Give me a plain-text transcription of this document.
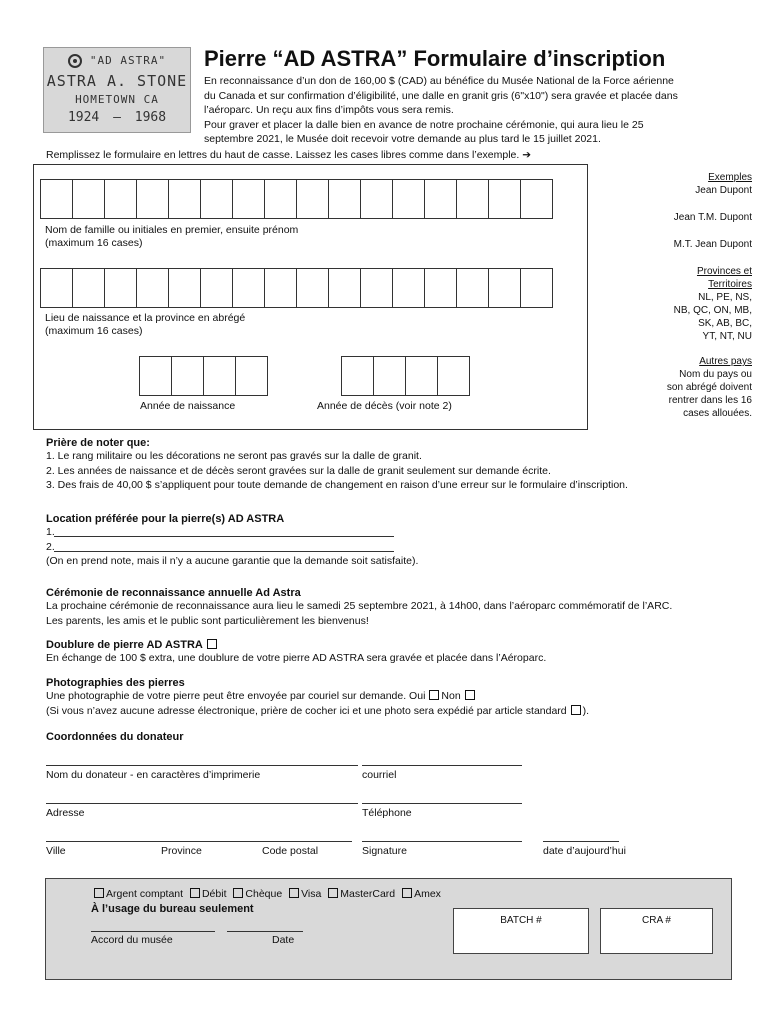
"AD ASTRA"
ASTRA A. STONE
HOMETOWN CA
1924 — 1968
Pierre “AD ASTRA” Formulaire d’inscription
En reconnaissance d’un don de 160,00 $ (CAD) au bénéfice du Musée National de la Force aérienne
du Canada et sur confirmation d’éligibilité, une dalle en granit gris (6"x10") sera gravée et placée dans
l’aéroparc. Un reçu aux fins d’impôts vous sera remis.
Pour graver et placer la dalle bien en avance de notre prochaine cérémonie, qui aura lieu le 25
septembre 2021, le Musée doit recevoir votre demande au plus tard le 15 juillet 2021.
Remplissez le formulaire en lettres du haut de casse. Laissez les cases libres comme dans l’exemple. ➔
Nom de famille ou initiales en premier, ensuite prénom
(maximum 16 cases)
Lieu de naissance et la province en abrégé
(maximum 16 cases)
Année de naissance	Année de décès (voir note 2)
Exemples
Jean Dupont
Jean T.M. Dupont
M.T. Jean Dupont
Provinces et
Territoires
NL, PE, NS,
NB, QC, ON, MB,
SK, AB, BC,
YT, NT, NU
Autres pays
Nom du pays ou
son abrégé doivent
rentrer dans les 16
cases allouées.
Prière de noter que:
1. Le rang militaire ou les décorations ne seront pas gravés sur la dalle de granit.
2. Les années de naissance et de décès seront gravées sur la dalle de granit seulement sur demande écrite.
3. Des frais de 40,00 $ s’appliquent pour toute demande de changement en raison d’une erreur sur le formulaire d’inscription.
Location préférée pour la pierre(s) AD ASTRA
1.
2.
(On en prend note, mais il n’y a aucune garantie que la demande soit satisfaite).
Cérémonie de reconnaissance annuelle Ad Astra
La prochaine cérémonie de reconnaissance aura lieu le samedi 25 septembre 2021, à 14h00, dans l’aéroparc commémoratif de l’ARC.
Les parents, les amis et le public sont particulièrement les bienvenus!
Doublure de pierre AD ASTRA
En échange de 100 $ extra, une doublure de votre pierre AD ASTRA sera gravée et placée dans l’Aéroparc.
Photographies des pierres
Une photographie de votre pierre peut être envoyée par couriel sur demande. Oui Non
(Si vous n’avez aucune adresse électronique, prière de cocher ici et une photo sera expédié par article standard ).
Coordonnées du donateur
Nom du donateur - en caractères d’imprimerie	courriel
Adresse	Téléphone
Ville	Province	Code postal	Signature	date d’aujourd’hui
Argent comptant Débit Chèque Visa MasterCard Amex
À l’usage du bureau seulement
Accord du musée	Date
BATCH #	CRA #
